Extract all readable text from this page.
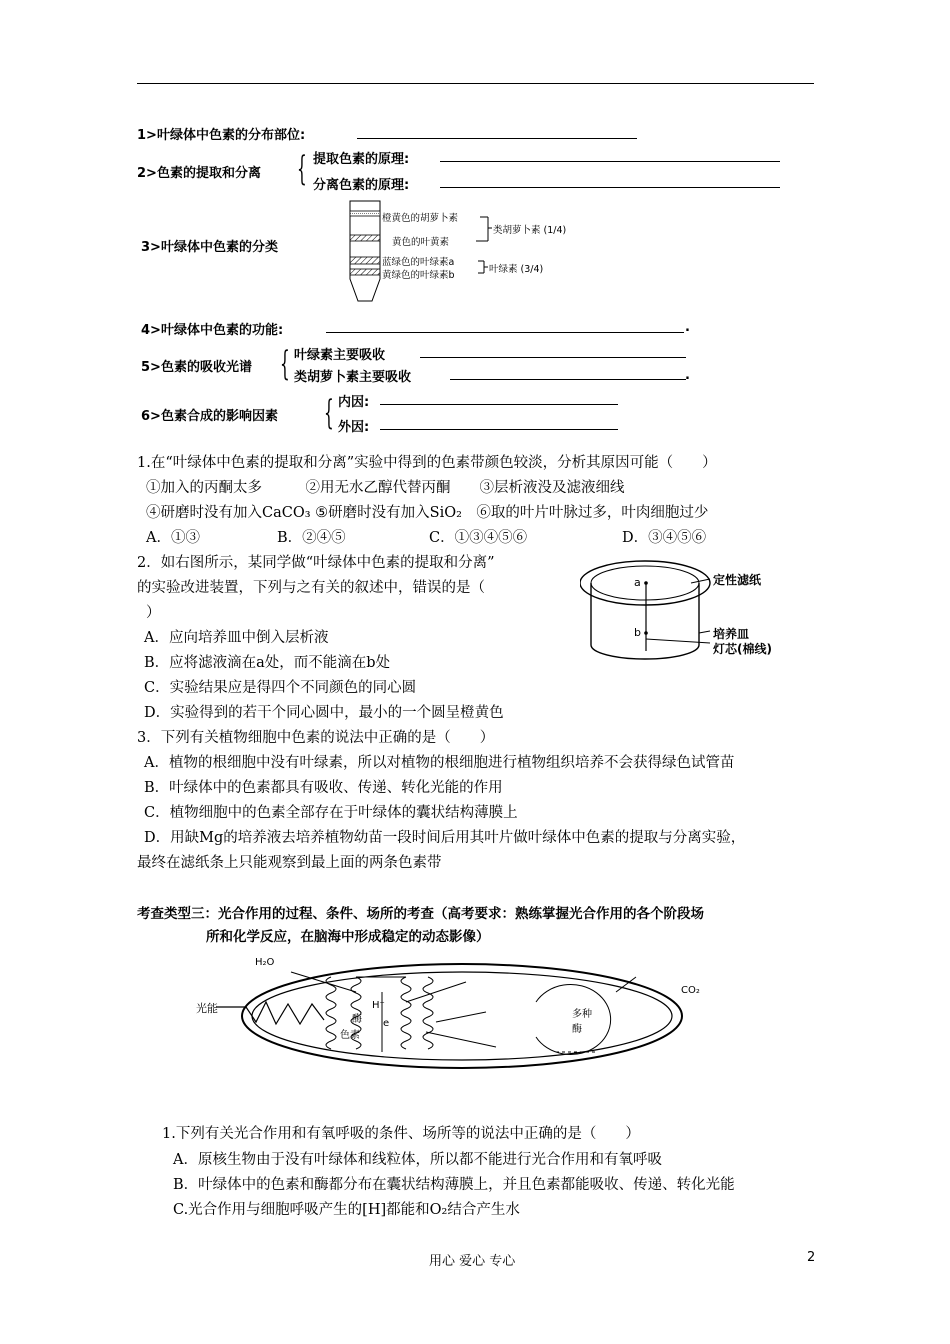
1>叶绿体中色素的分布部位:
2>色素的提取和分离 { 提取色素的原理:
分离色素的原理:
3>叶绿体中色素的分类
橙黄色的胡萝卜素
黄色的叶黄素
蓝绿色的叶绿素a
黄绿色的叶绿素b
类胡萝卜素 (1/4)
叶绿素 (3/4)
4>叶绿体中色素的功能:	.
5>色素的吸收光谱 { 叶绿素主要吸收
类胡萝卜素主要吸收	.
6>色素合成的影响因素 { 内因:
外因:
1.在“叶绿体中色素的提取和分离”实验中得到的色素带颜色较淡，分析其原因可能（　　）
①加入的丙酮太多　　　②用无水乙醇代替丙酮　　③层析液没及滤液细线
④研磨时没有加入CaCO₃ ⑤研磨时没有加入SiO₂　⑥取的叶片叶脉过多，叶肉细胞过少
A．①③	B．②④⑤	C．①③④⑤⑥	D．③④⑤⑥
2．如右图所示，某同学做“叶绿体中色素的提取和分离”
的实验改进装置，下列与之有关的叙述中，错误的是（
）
A．应向培养皿中倒入层析液
B．应将滤液滴在a处，而不能滴在b处
C．实验结果应是得四个不同颜色的同心圆
D．实验得到的若干个同心圆中，最小的一个圆呈橙黄色
a
b
定性滤纸
培养皿
灯芯(棉线)
3．下列有关植物细胞中色素的说法中正确的是（　　）
A．植物的根细胞中没有叶绿素，所以对植物的根细胞进行植物组织培养不会获得绿色试管苗
B．叶绿体中的色素都具有吸收、传递、转化光能的作用
C．植物细胞中的色素全部存在于叶绿体的囊状结构薄膜上
D．用缺Mg的培养液去培养植物幼苗一段时间后用其叶片做叶绿体中色素的提取与分离实验，
最终在滤纸条上只能观察到最上面的两条色素带
考查类型三：光合作用的过程、条件、场所的考查（高考要求：熟练掌握光合作用的各个阶段场
所和化学反应，在脑海中形成稳定的动态影像）
H₂O
光能	H⁺
酶
色素
e
CO₂
多种酶
1.下列有关光合作用和有氧呼吸的条件、场所等的说法中正确的是（　　）
A．原核生物由于没有叶绿体和线粒体，所以都不能进行光合作用和有氧呼吸
B．叶绿体中的色素和酶都分布在囊状结构薄膜上，并且色素都能吸收、传递、转化光能
C.光合作用与细胞呼吸产生的[H]都能和O₂结合产生水
用心 爱心 专心	2
